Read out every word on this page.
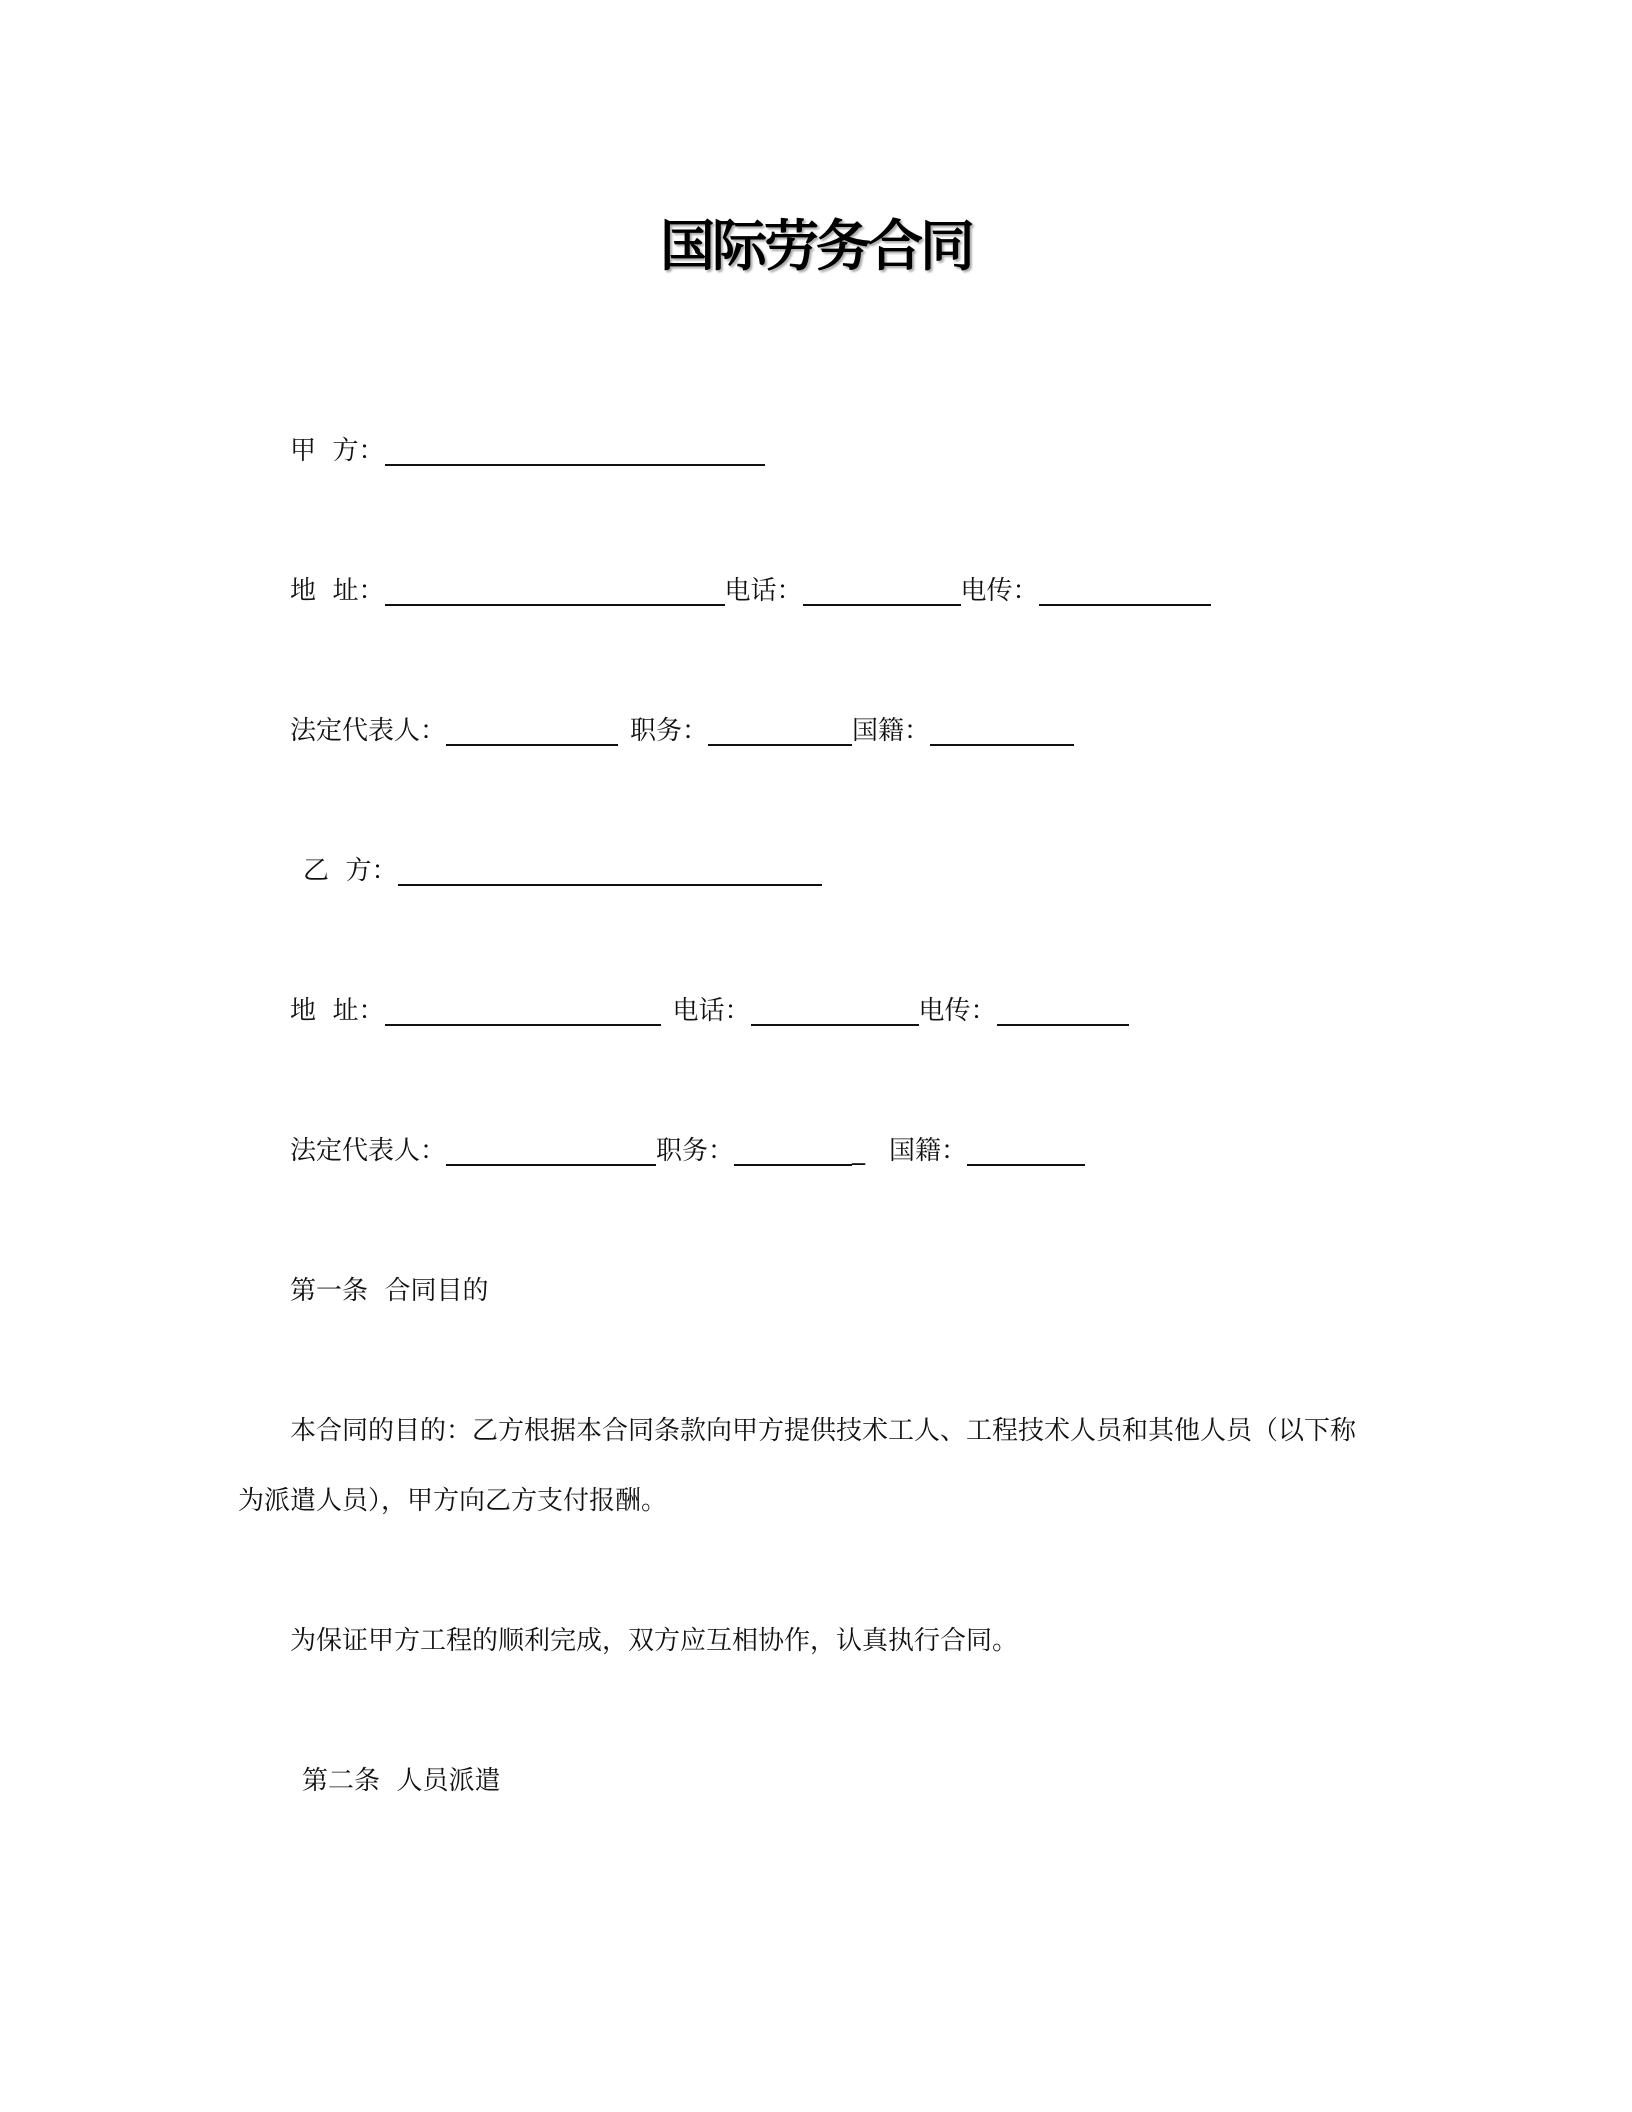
国际劳务合同
甲  方：
地  址：	电话：	电传：
法定代表人：	职务：	国籍：
乙  方：
地  址：	电话：	电传：
法定代表人：	职务：	_ 国籍：
第一条  合同目的
本合同的目的：乙方根据本合同条款向甲方提供技术工人、工程技术人员和其他人员（以下称
为派遣人员），甲方向乙方支付报酬。
为保证甲方工程的顺利完成，双方应互相协作，认真执行合同。
第二条  人员派遣
